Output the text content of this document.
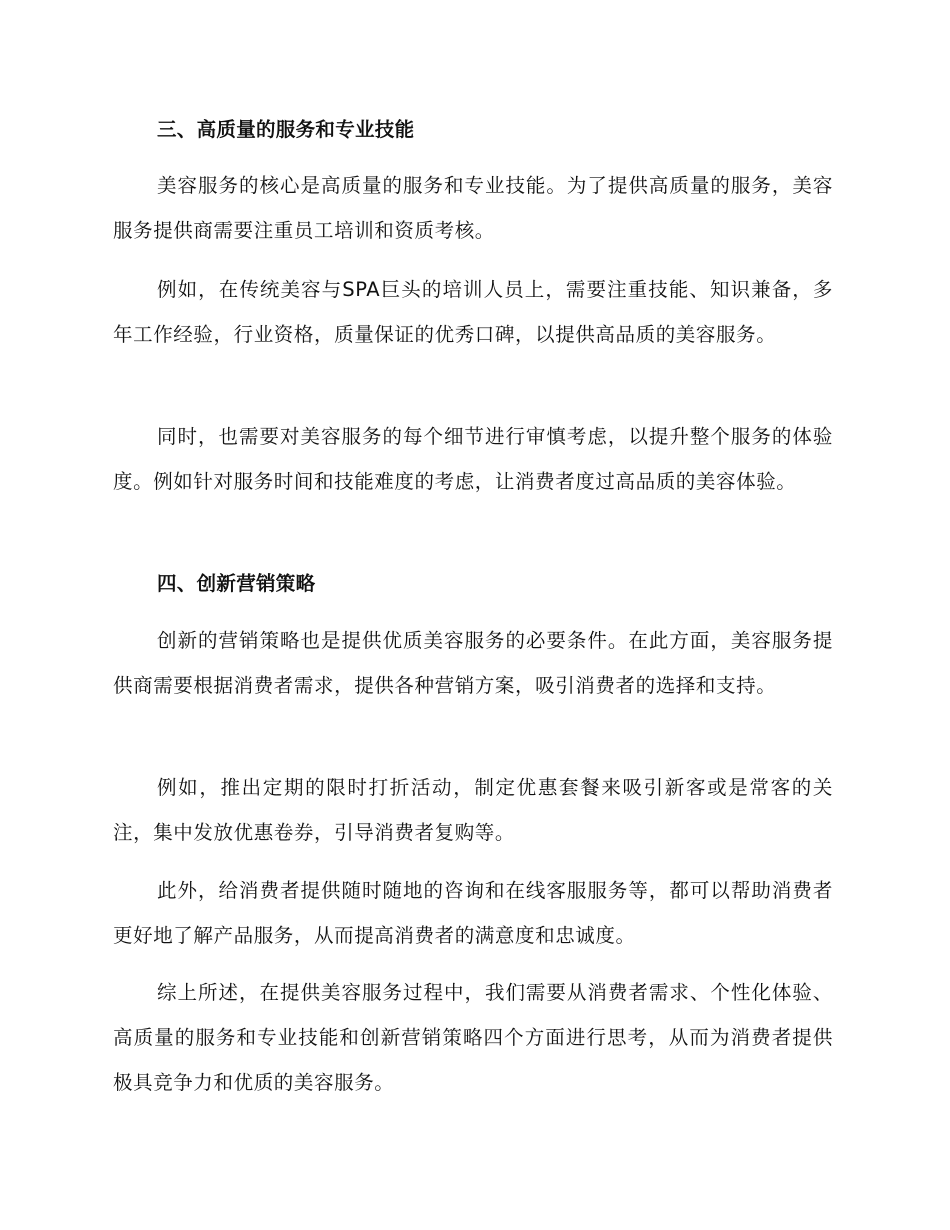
三、高质量的服务和专业技能

美容服务的核心是高质量的服务和专业技能。为了提供高质量的服务，美容服务提供商需要注重员工培训和资质考核。

例如，在传统美容与SPA巨头的培训人员上，需要注重技能、知识兼备，多年工作经验，行业资格，质量保证的优秀口碑，以提供高品质的美容服务。

同时，也需要对美容服务的每个细节进行审慎考虑，以提升整个服务的体验度。例如针对服务时间和技能难度的考虑，让消费者度过高品质的美容体验。

四、创新营销策略

创新的营销策略也是提供优质美容服务的必要条件。在此方面，美容服务提供商需要根据消费者需求，提供各种营销方案，吸引消费者的选择和支持。

例如，推出定期的限时打折活动，制定优惠套餐来吸引新客或是常客的关注，集中发放优惠卷券，引导消费者复购等。

此外，给消费者提供随时随地的咨询和在线客服服务等，都可以帮助消费者更好地了解产品服务，从而提高消费者的满意度和忠诚度。

综上所述，在提供美容服务过程中，我们需要从消费者需求、个性化体验、高质量的服务和专业技能和创新营销策略四个方面进行思考，从而为消费者提供极具竞争力和优质的美容服务。
